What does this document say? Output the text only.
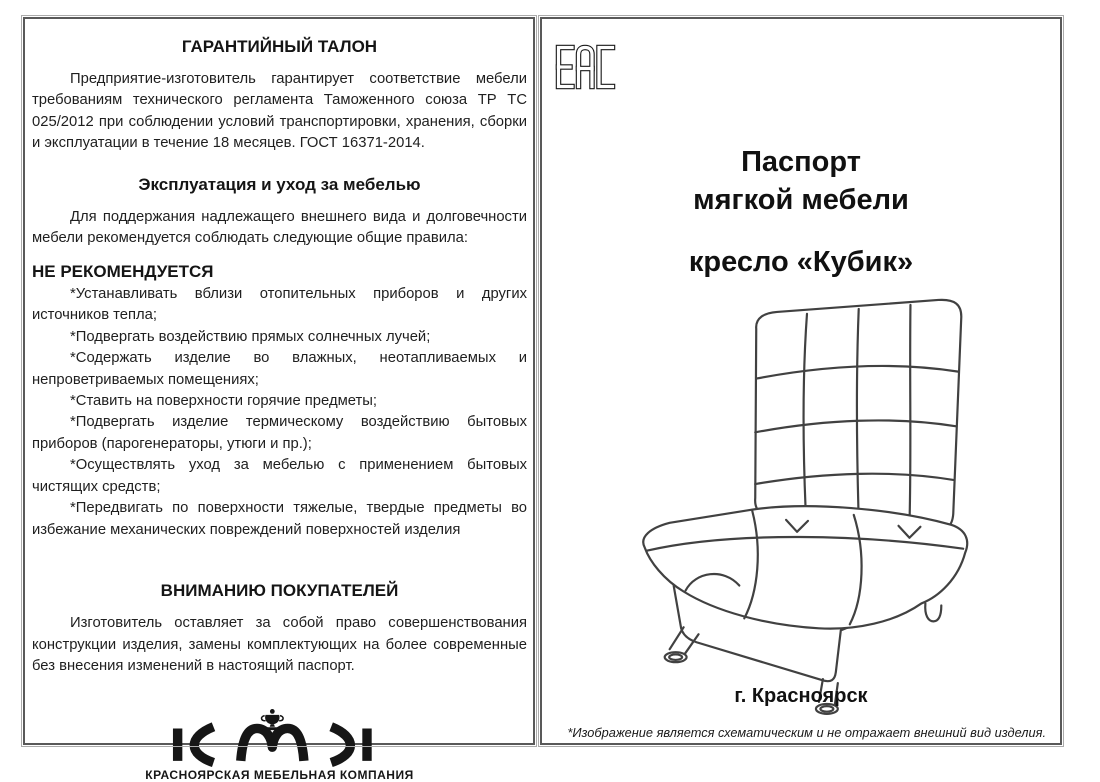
ГАРАНТИЙНЫЙ ТАЛОН

Предприятие-изготовитель гарантирует соответствие мебели требованиям технического регламента Таможенного союза ТР ТС 025/2012 при соблюдении условий транспортировки, хранения, сборки и эксплуатации в течение 18 месяцев. ГОСТ 16371-2014.

Эксплуатация и уход за мебелью

Для поддержания надлежащего внешнего вида и долговечности мебели рекомендуется соблюдать следующие общие правила:

НЕ РЕКОМЕНДУЕТСЯ

*Устанавливать вблизи отопительных приборов и других источников тепла;

*Подвергать воздействию прямых солнечных лучей;

*Содержать изделие во влажных, неотапливаемых и непроветриваемых помещениях;

*Ставить на поверхности горячие предметы;

*Подвергать изделие термическому воздействию бытовых приборов (парогенераторы, утюги и пр.);

*Осуществлять уход за мебелью с применением бытовых чистящих средств;

*Передвигать по поверхности тяжелые, твердые предметы во избежание механических повреждений поверхностей изделия

ВНИМАНИЮ ПОКУПАТЕЛЕЙ

Изготовитель оставляет за собой право совершенствования конструкции изделия, замены комплектующих на более современные без внесения изменений в настоящий паспорт.

КРАСНОЯРСКАЯ МЕБЕЛЬНАЯ КОМПАНИЯ
Паспорт
мягкой мебели
кресло «Кубик»
г. Красноярск
*Изображение является схематическим и не отражает внешний вид изделия.
